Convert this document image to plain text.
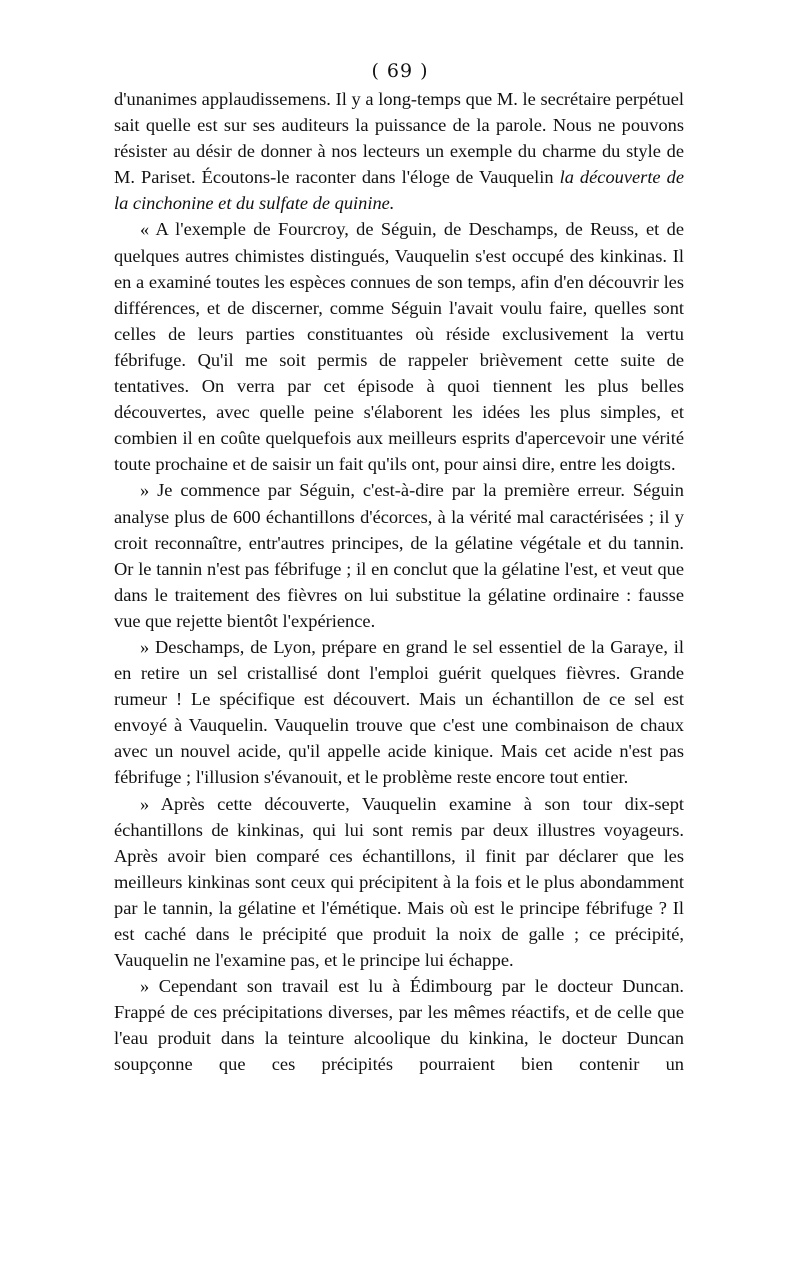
( 69 )

d'unanimes applaudissemens. Il y a long-temps que M. le secrétaire perpétuel sait quelle est sur ses auditeurs la puissance de la parole. Nous ne pouvons résister au désir de donner à nos lecteurs un exemple du charme du style de M. Pariset. Écoutons-le raconter dans l'éloge de Vauquelin la découverte de la cinchonine et du sulfate de quinine.

« A l'exemple de Fourcroy, de Séguin, de Deschamps, de Reuss, et de quelques autres chimistes distingués, Vauquelin s'est occupé des kinkinas. Il en a examiné toutes les espèces connues de son temps, afin d'en découvrir les différences, et de discerner, comme Séguin l'avait voulu faire, quelles sont celles de leurs parties constituantes où réside exclusivement la vertu fébrifuge. Qu'il me soit permis de rappeler brièvement cette suite de tentatives. On verra par cet épisode à quoi tiennent les plus belles découvertes, avec quelle peine s'élaborent les idées les plus simples, et combien il en coûte quelquefois aux meilleurs esprits d'apercevoir une vérité toute prochaine et de saisir un fait qu'ils ont, pour ainsi dire, entre les doigts.

» Je commence par Séguin, c'est-à-dire par la première erreur. Séguin analyse plus de 600 échantillons d'écorces, à la vérité mal caractérisées ; il y croit reconnaître, entr'autres principes, de la gélatine végétale et du tannin. Or le tannin n'est pas fébrifuge ; il en conclut que la gélatine l'est, et veut que dans le traitement des fièvres on lui substitue la gélatine ordinaire : fausse vue que rejette bientôt l'expérience.

» Deschamps, de Lyon, prépare en grand le sel essentiel de la Garaye, il en retire un sel cristallisé dont l'emploi guérit quelques fièvres. Grande rumeur ! Le spécifique est découvert. Mais un échantillon de ce sel est envoyé à Vauquelin. Vauquelin trouve que c'est une combinaison de chaux avec un nouvel acide, qu'il appelle acide kinique. Mais cet acide n'est pas fébrifuge ; l'illusion s'évanouit, et le problème reste encore tout entier.

» Après cette découverte, Vauquelin examine à son tour dix-sept échantillons de kinkinas, qui lui sont remis par deux illustres voyageurs. Après avoir bien comparé ces échantillons, il finit par déclarer que les meilleurs kinkinas sont ceux qui précipitent à la fois et le plus abondamment par le tannin, la gélatine et l'émétique. Mais où est le principe fébrifuge ? Il est caché dans le précipité que produit la noix de galle ; ce précipité, Vauquelin ne l'examine pas, et le principe lui échappe.

» Cependant son travail est lu à Édimbourg par le docteur Duncan. Frappé de ces précipitations diverses, par les mêmes réactifs, et de celle que l'eau produit dans la teinture alcoolique du kinkina, le docteur Duncan soupçonne que ces précipités pourraient bien contenir un
